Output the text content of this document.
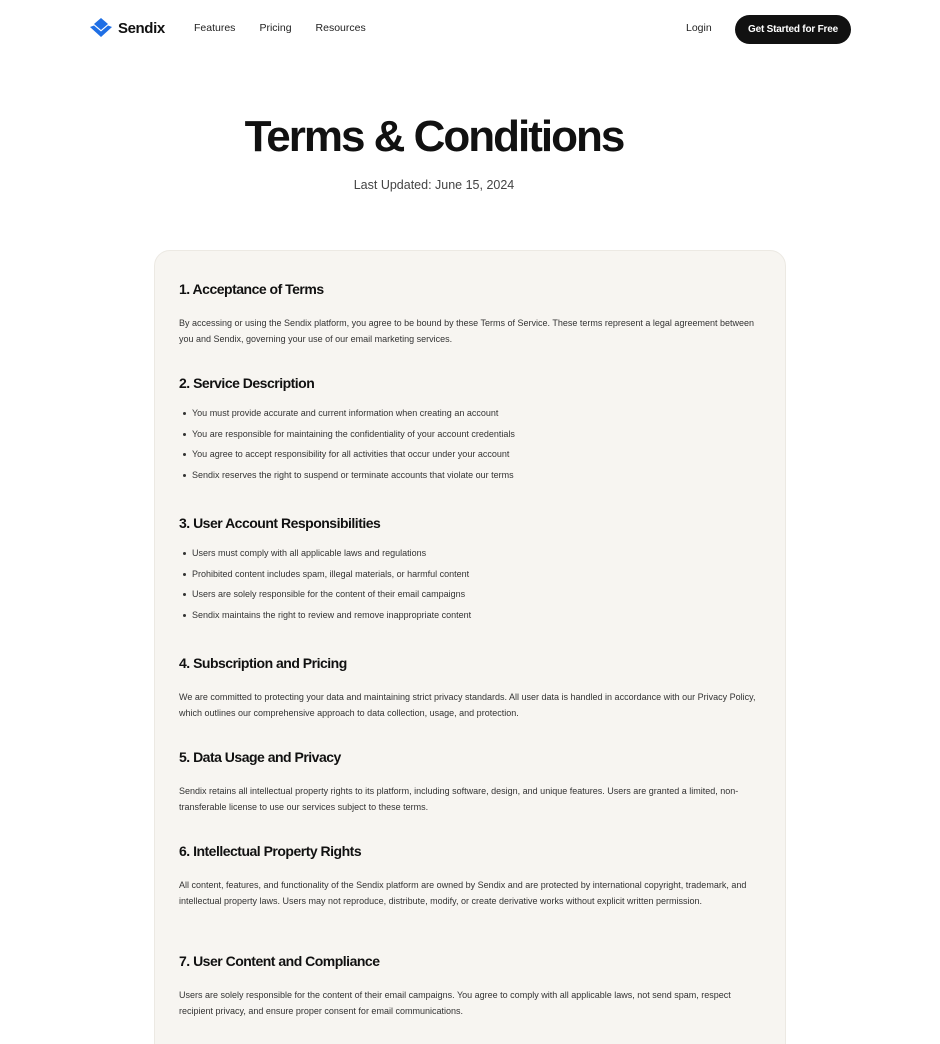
Sendix	Features Pricing Resources	Login	Get Started for Free
Terms & Conditions
Last Updated: June 15, 2024
1. Acceptance of Terms

By accessing or using the Sendix platform, you agree to be bound by these Terms of Service. These terms represent a legal agreement between you and Sendix, governing your use of our email marketing services.

2. Service Description
You must provide accurate and current information when creating an account
You are responsible for maintaining the confidentiality of your account credentials
You agree to accept responsibility for all activities that occur under your account
Sendix reserves the right to suspend or terminate accounts that violate our terms
3. User Account Responsibilities
Users must comply with all applicable laws and regulations
Prohibited content includes spam, illegal materials, or harmful content
Users are solely responsible for the content of their email campaigns
Sendix maintains the right to review and remove inappropriate content
4. Subscription and Pricing

We are committed to protecting your data and maintaining strict privacy standards. All user data is handled in accordance with our Privacy Policy, which outlines our comprehensive approach to data collection, usage, and protection.

5. Data Usage and Privacy

Sendix retains all intellectual property rights to its platform, including software, design, and unique features. Users are granted a limited, non-transferable license to use our services subject to these terms.

6. Intellectual Property Rights

All content, features, and functionality of the Sendix platform are owned by Sendix and are protected by international copyright, trademark, and intellectual property laws. Users may not reproduce, distribute, modify, or create derivative works without explicit written permission.

7. User Content and Compliance

Users are solely responsible for the content of their email campaigns. You agree to comply with all applicable laws, not send spam, respect recipient privacy, and ensure proper consent for email communications.
